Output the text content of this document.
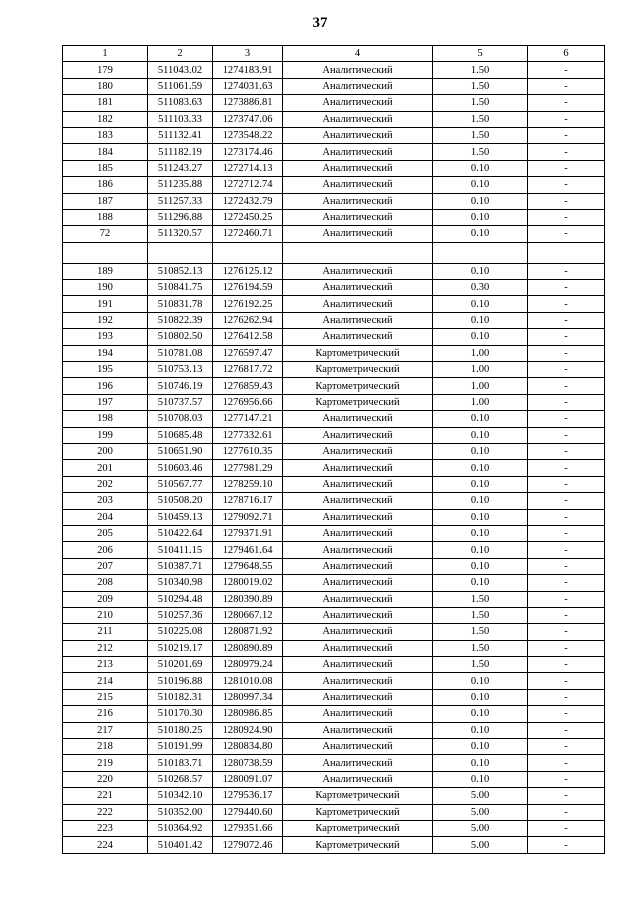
37
1	2	3	4	5	6
179	511043.02	1274183.91	Аналитический	1.50	-
180	511061.59	1274031.63	Аналитический	1.50	-
181	511083.63	1273886.81	Аналитический	1.50	-
182	511103.33	1273747.06	Аналитический	1.50	-
183	511132.41	1273548.22	Аналитический	1.50	-
184	511182.19	1273174.46	Аналитический	1.50	-
185	511243.27	1272714.13	Аналитический	0.10	-
186	511235.88	1272712.74	Аналитический	0.10	-
187	511257.33	1272432.79	Аналитический	0.10	-
188	511296.88	1272450.25	Аналитический	0.10	-
72	511320.57	1272460.71	Аналитический	0.10	-

189	510852.13	1276125.12	Аналитический	0.10	-
190	510841.75	1276194.59	Аналитический	0.30	-
191	510831.78	1276192.25	Аналитический	0.10	-
192	510822.39	1276262.94	Аналитический	0.10	-
193	510802.50	1276412.58	Аналитический	0.10	-
194	510781.08	1276597.47	Картометрический	1.00	-
195	510753.13	1276817.72	Картометрический	1.00	-
196	510746.19	1276859.43	Картометрический	1.00	-
197	510737.57	1276956.66	Картометрический	1.00	-
198	510708.03	1277147.21	Аналитический	0.10	-
199	510685.48	1277332.61	Аналитический	0.10	-
200	510651.90	1277610.35	Аналитический	0.10	-
201	510603.46	1277981.29	Аналитический	0.10	-
202	510567.77	1278259.10	Аналитический	0.10	-
203	510508.20	1278716.17	Аналитический	0.10	-
204	510459.13	1279092.71	Аналитический	0.10	-
205	510422.64	1279371.91	Аналитический	0.10	-
206	510411.15	1279461.64	Аналитический	0.10	-
207	510387.71	1279648.55	Аналитический	0.10	-
208	510340.98	1280019.02	Аналитический	0.10	-
209	510294.48	1280390.89	Аналитический	1.50	-
210	510257.36	1280667.12	Аналитический	1.50	-
211	510225.08	1280871.92	Аналитический	1.50	-
212	510219.17	1280890.89	Аналитический	1.50	-
213	510201.69	1280979.24	Аналитический	1.50	-
214	510196.88	1281010.08	Аналитический	0.10	-
215	510182.31	1280997.34	Аналитический	0.10	-
216	510170.30	1280986.85	Аналитический	0.10	-
217	510180.25	1280924.90	Аналитический	0.10	-
218	510191.99	1280834.80	Аналитический	0.10	-
219	510183.71	1280738.59	Аналитический	0.10	-
220	510268.57	1280091.07	Аналитический	0.10	-
221	510342.10	1279536.17	Картометрический	5.00	-
222	510352.00	1279440.60	Картометрический	5.00	-
223	510364.92	1279351.66	Картометрический	5.00	-
224	510401.42	1279072.46	Картометрический	5.00	-
